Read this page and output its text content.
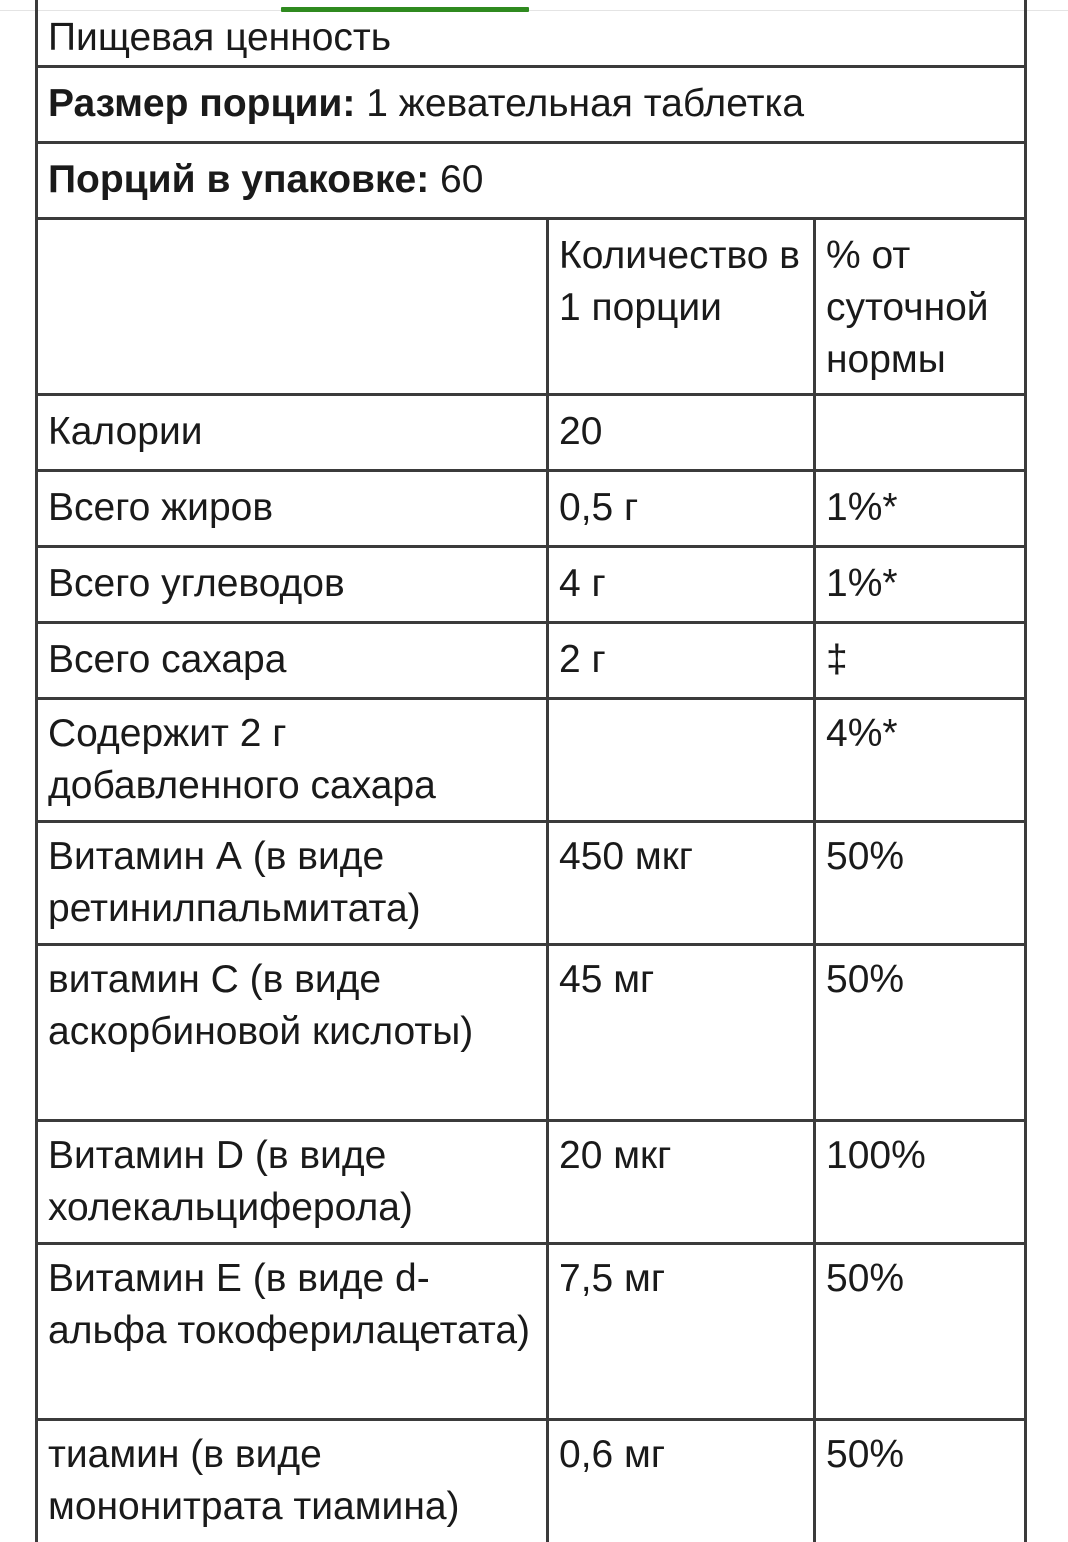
Пищевая ценность		
Размер порции: 1 жевательная таблетка		
Порций в упаковке: 60		
	Количество в 1 порции	% от суточной нормы
Калории	20	
Всего жиров	0,5 г	1%*
Всего углеводов	4 г	1%*
Всего сахара	2 г	‡
Содержит 2 г добавленного сахара		4%*
Витамин А (в виде ретинилпальмитата)	450 мкг	50%
витамин C (в виде аскорбиновой кислоты)	45 мг	50%
Витамин D (в виде холекальциферола)	20 мкг	100%
Витамин E (в виде d-альфа токоферилацетата)	7,5 мг	50%
тиамин (в виде мононитрата тиамина)	0,6 мг	50%
